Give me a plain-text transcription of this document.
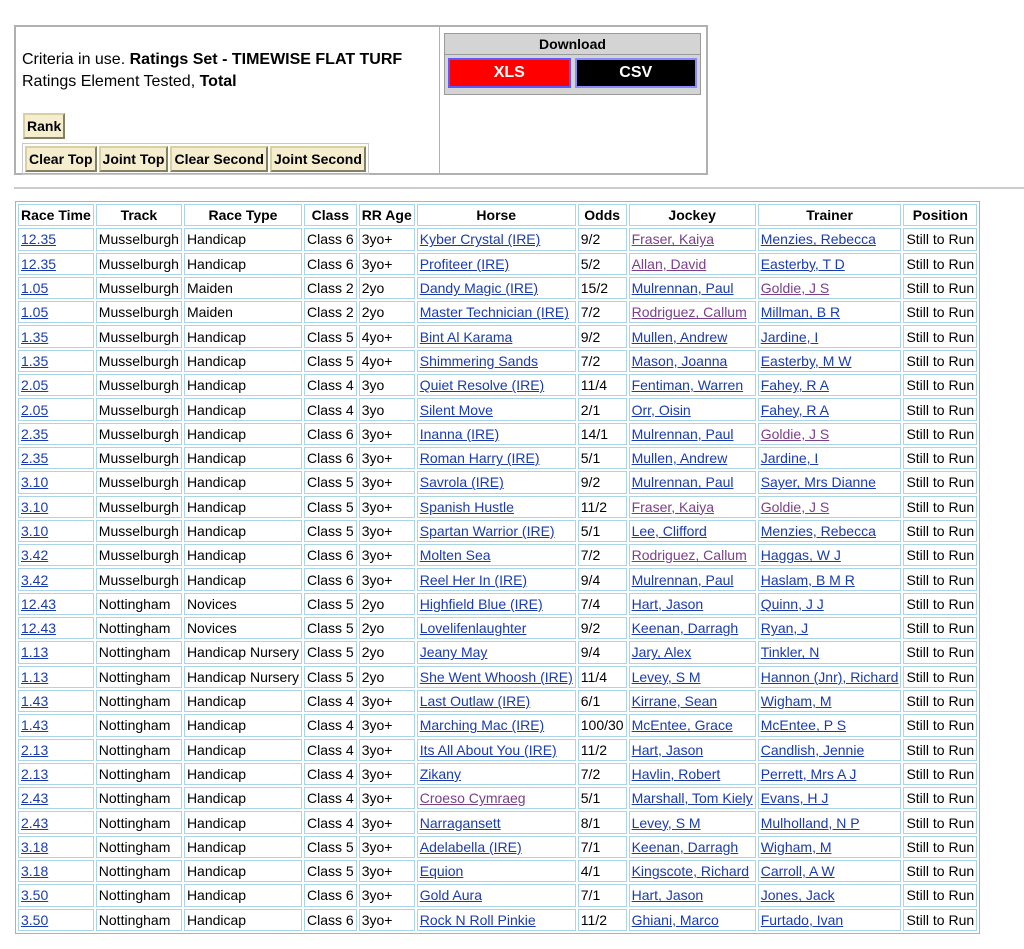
Criteria in use. Ratings Set - TIMEWISE FLAT TURF
Ratings Element Tested, Total
Rank
Clear Top Joint Top Clear Second Joint Second
Download
XLS	CSV
Race Time	Track	Race Type	Class	RR Age	Horse	Odds	Jockey	Trainer	Position
12.35	Musselburgh	Handicap	Class 6	3yo+	Kyber Crystal (IRE)	9/2	Fraser, Kaiya	Menzies, Rebecca	Still to Run
12.35	Musselburgh	Handicap	Class 6	3yo+	Profiteer (IRE)	5/2	Allan, David	Easterby, T D	Still to Run
1.05	Musselburgh	Maiden	Class 2	2yo	Dandy Magic (IRE)	15/2	Mulrennan, Paul	Goldie, J S	Still to Run
1.05	Musselburgh	Maiden	Class 2	2yo	Master Technician (IRE)	7/2	Rodriguez, Callum	Millman, B R	Still to Run
1.35	Musselburgh	Handicap	Class 5	4yo+	Bint Al Karama	9/2	Mullen, Andrew	Jardine, I	Still to Run
1.35	Musselburgh	Handicap	Class 5	4yo+	Shimmering Sands	7/2	Mason, Joanna	Easterby, M W	Still to Run
2.05	Musselburgh	Handicap	Class 4	3yo	Quiet Resolve (IRE)	11/4	Fentiman, Warren	Fahey, R A	Still to Run
2.05	Musselburgh	Handicap	Class 4	3yo	Silent Move	2/1	Orr, Oisin	Fahey, R A	Still to Run
2.35	Musselburgh	Handicap	Class 6	3yo+	Inanna (IRE)	14/1	Mulrennan, Paul	Goldie, J S	Still to Run
2.35	Musselburgh	Handicap	Class 6	3yo+	Roman Harry (IRE)	5/1	Mullen, Andrew	Jardine, I	Still to Run
3.10	Musselburgh	Handicap	Class 5	3yo+	Savrola (IRE)	9/2	Mulrennan, Paul	Sayer, Mrs Dianne	Still to Run
3.10	Musselburgh	Handicap	Class 5	3yo+	Spanish Hustle	11/2	Fraser, Kaiya	Goldie, J S	Still to Run
3.10	Musselburgh	Handicap	Class 5	3yo+	Spartan Warrior (IRE)	5/1	Lee, Clifford	Menzies, Rebecca	Still to Run
3.42	Musselburgh	Handicap	Class 6	3yo+	Molten Sea	7/2	Rodriguez, Callum	Haggas, W J	Still to Run
3.42	Musselburgh	Handicap	Class 6	3yo+	Reel Her In (IRE)	9/4	Mulrennan, Paul	Haslam, B M R	Still to Run
12.43	Nottingham	Novices	Class 5	2yo	Highfield Blue (IRE)	7/4	Hart, Jason	Quinn, J J	Still to Run
12.43	Nottingham	Novices	Class 5	2yo	Lovelifenlaughter	9/2	Keenan, Darragh	Ryan, J	Still to Run
1.13	Nottingham	Handicap Nursery	Class 5	2yo	Jeany May	9/4	Jary, Alex	Tinkler, N	Still to Run
1.13	Nottingham	Handicap Nursery	Class 5	2yo	She Went Whoosh (IRE)	11/4	Levey, S M	Hannon (Jnr), Richard	Still to Run
1.43	Nottingham	Handicap	Class 4	3yo+	Last Outlaw (IRE)	6/1	Kirrane, Sean	Wigham, M	Still to Run
1.43	Nottingham	Handicap	Class 4	3yo+	Marching Mac (IRE)	100/30	McEntee, Grace	McEntee, P S	Still to Run
2.13	Nottingham	Handicap	Class 4	3yo+	Its All About You (IRE)	11/2	Hart, Jason	Candlish, Jennie	Still to Run
2.13	Nottingham	Handicap	Class 4	3yo+	Zikany	7/2	Havlin, Robert	Perrett, Mrs A J	Still to Run
2.43	Nottingham	Handicap	Class 4	3yo+	Croeso Cymraeg	5/1	Marshall, Tom Kiely	Evans, H J	Still to Run
2.43	Nottingham	Handicap	Class 4	3yo+	Narragansett	8/1	Levey, S M	Mulholland, N P	Still to Run
3.18	Nottingham	Handicap	Class 5	3yo+	Adelabella (IRE)	7/1	Keenan, Darragh	Wigham, M	Still to Run
3.18	Nottingham	Handicap	Class 5	3yo+	Equion	4/1	Kingscote, Richard	Carroll, A W	Still to Run
3.50	Nottingham	Handicap	Class 6	3yo+	Gold Aura	7/1	Hart, Jason	Jones, Jack	Still to Run
3.50	Nottingham	Handicap	Class 6	3yo+	Rock N Roll Pinkie	11/2	Ghiani, Marco	Furtado, Ivan	Still to Run
